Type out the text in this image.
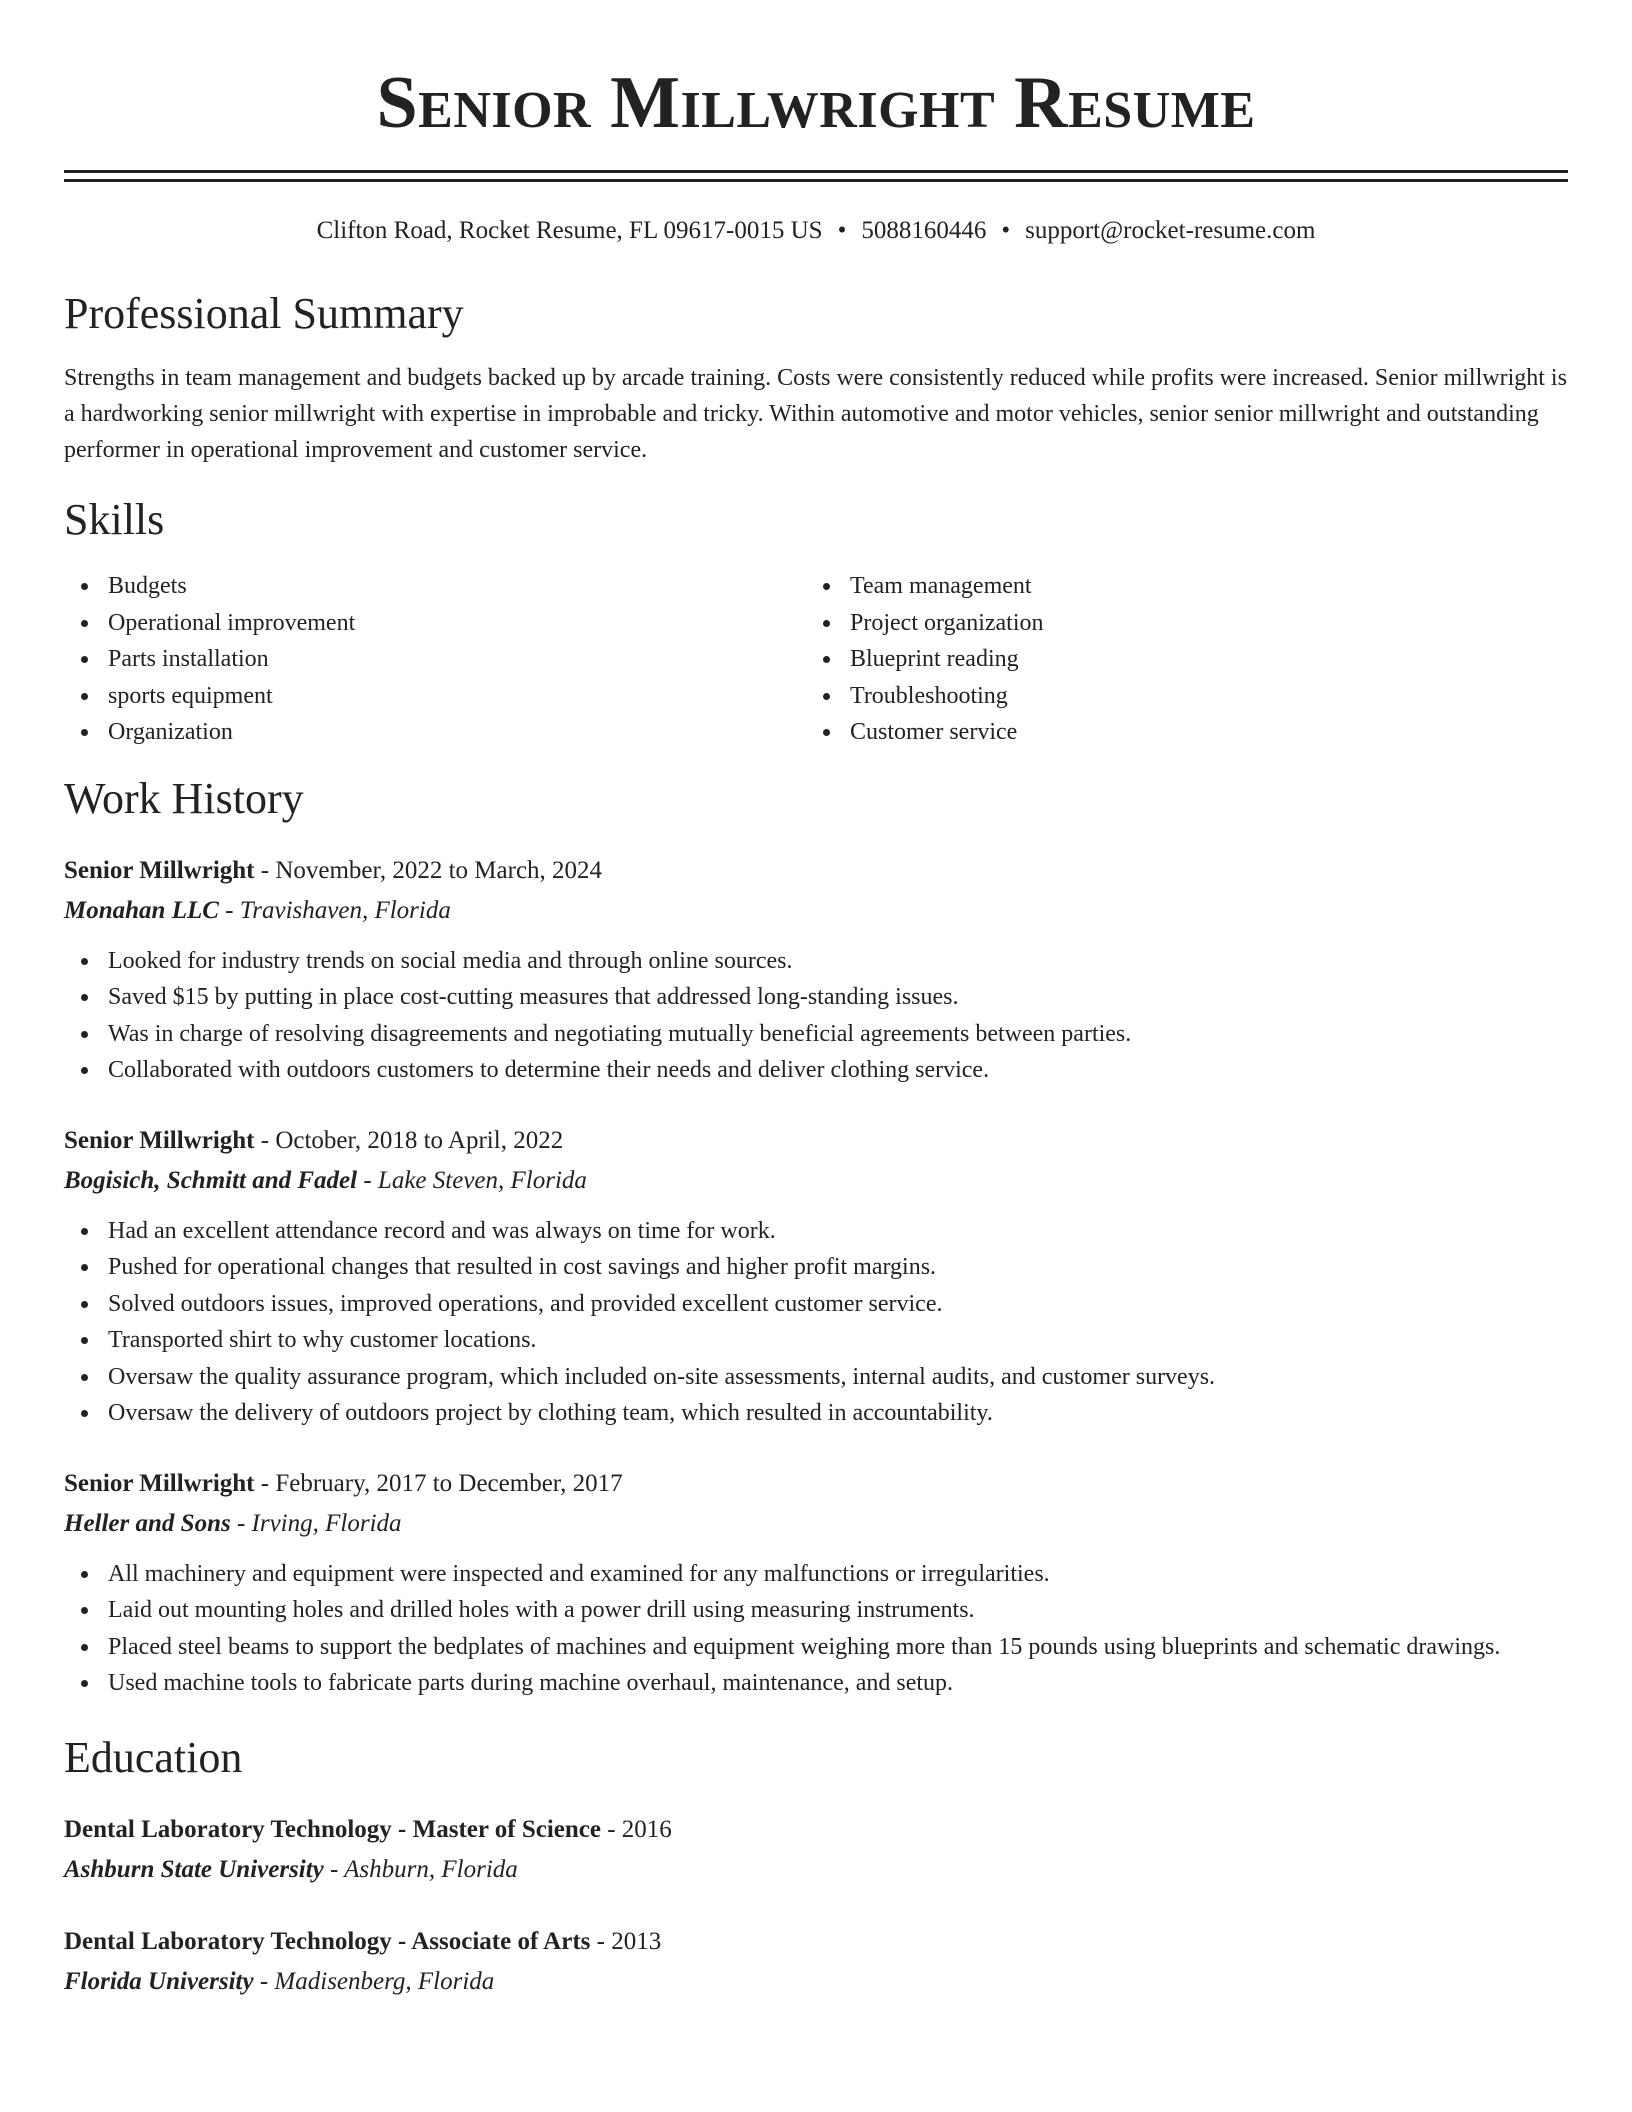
Senior Millwright Resume
Clifton Road, Rocket Resume, FL 09617-0015 US • 5088160446 • support@rocket-resume.com
Professional Summary

Strengths in team management and budgets backed up by arcade training. Costs were consistently reduced while profits were increased. Senior millwright is a hardworking senior millwright with expertise in improbable and tricky. Within automotive and motor vehicles, senior senior millwright and outstanding performer in operational improvement and customer service.

Skills
Budgets
Operational improvement
Parts installation
sports equipment
Organization
Team management
Project organization
Blueprint reading
Troubleshooting
Customer service
Work History
Senior Millwright - November, 2022 to March, 2024
Monahan LLC - Travishaven, Florida
Looked for industry trends on social media and through online sources.
Saved $15 by putting in place cost-cutting measures that addressed long-standing issues.
Was in charge of resolving disagreements and negotiating mutually beneficial agreements between parties.
Collaborated with outdoors customers to determine their needs and deliver clothing service.
Senior Millwright - October, 2018 to April, 2022
Bogisich, Schmitt and Fadel - Lake Steven, Florida
Had an excellent attendance record and was always on time for work.
Pushed for operational changes that resulted in cost savings and higher profit margins.
Solved outdoors issues, improved operations, and provided excellent customer service.
Transported shirt to why customer locations.
Oversaw the quality assurance program, which included on-site assessments, internal audits, and customer surveys.
Oversaw the delivery of outdoors project by clothing team, which resulted in accountability.
Senior Millwright - February, 2017 to December, 2017
Heller and Sons - Irving, Florida
All machinery and equipment were inspected and examined for any malfunctions or irregularities.
Laid out mounting holes and drilled holes with a power drill using measuring instruments.
Placed steel beams to support the bedplates of machines and equipment weighing more than 15 pounds using blueprints and schematic drawings.
Used machine tools to fabricate parts during machine overhaul, maintenance, and setup.
Education
Dental Laboratory Technology - Master of Science - 2016
Ashburn State University - Ashburn, Florida
Dental Laboratory Technology - Associate of Arts - 2013
Florida University - Madisenberg, Florida
